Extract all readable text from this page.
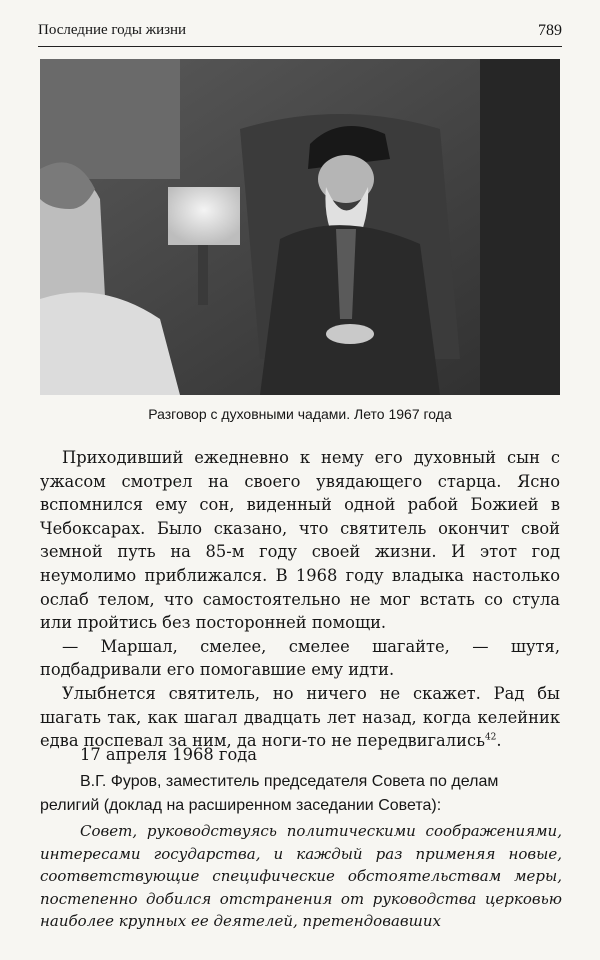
Последние годы жизни	789
Разговор с духовными чадами. Лето 1967 года

Приходивший ежедневно к нему его духовный сын с ужасом смотрел на своего увядающего старца. Ясно вспомнился ему сон, виденный одной рабой Божией в Чебоксарах. Было сказано, что святитель окончит свой земной путь на 85-м году своей жизни. И этот год неумолимо приближался. В 1968 году владыка настолько ослаб телом, что самостоятельно не мог встать со стула или пройтись без посторонней помощи.

— Маршал, смелее, смелее шагайте, — шутя, подбадривали его помогавшие ему идти.

Улыбнется святитель, но ничего не скажет. Рад бы шагать так, как шагал двадцать лет назад, когда келейник едва поспевал за ним, да ноги-то не передвигались$^{42}$.

17 апреля 1968 года

В.Г. Фуров, заместитель председателя Совета по делам религий (доклад на расширенном заседании Совета):

Совет, руководствуясь политическими соображениями, интересами государства, и каждый раз применяя новые, соответствующие специфические обстоятельствам меры, постепенно добился отстранения от руководства церковью наиболее крупных ее деятелей, претендовавших
